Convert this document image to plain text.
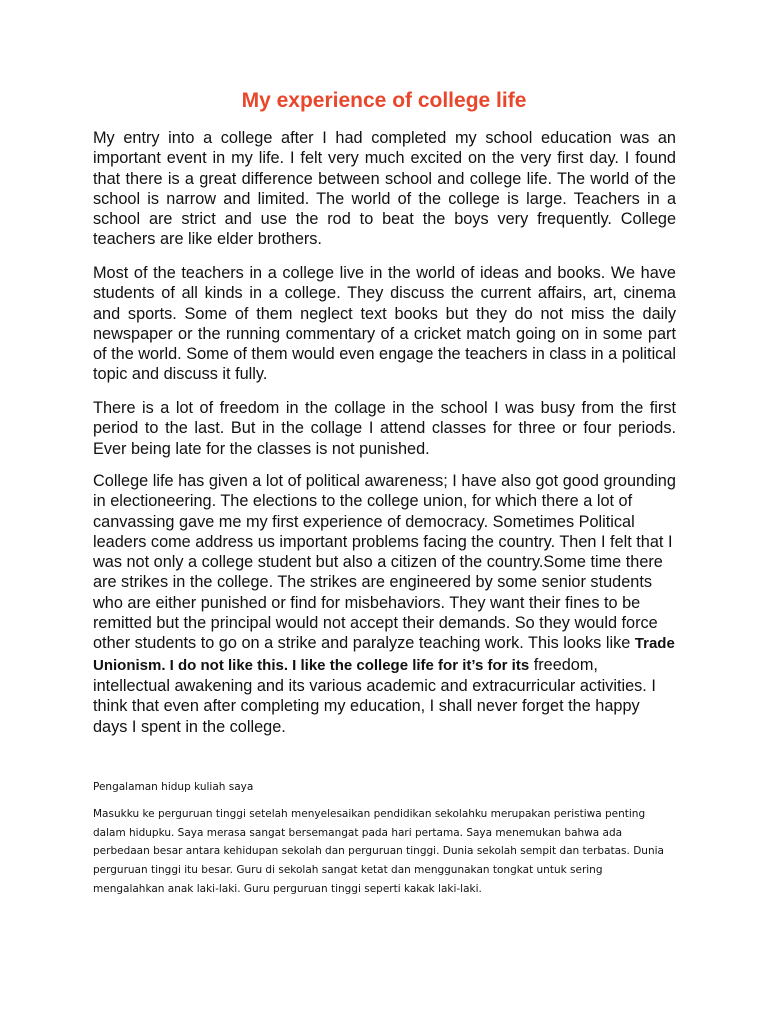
My experience of college life

My entry into a college after I had completed my school education was an important event in my life. I felt very much excited on the very first day. I found that there is a great difference between school and college life. The world of the school is narrow and limited. The world of the college is large. Teachers in a school are strict and use the rod to beat the boys very frequently. College teachers are like elder brothers.

Most of the teachers in a college live in the world of ideas and books. We have students of all kinds in a college. They discuss the current affairs, art, cinema and sports. Some of them neglect text books but they do not miss the daily newspaper or the running commentary of a cricket match going on in some part of the world. Some of them would even engage the teachers in class in a political topic and discuss it fully.

There is a lot of freedom in the collage in the school I was busy from the first period to the last. But in the collage I attend classes for three or four periods. Ever being late for the classes is not punished.

College life has given a lot of political awareness; I have also got good grounding in electioneering. The elections to the college union, for which there a lot of canvassing gave me my first experience of democracy. Sometimes Political leaders come address us important problems facing the country. Then I felt that I was not only a college student but also a citizen of the country.Some time there are strikes in the college. The strikes are engineered by some senior students who are either punished or find for misbehaviors. They want their fines to be remitted but the principal would not accept their demands. So they would force other students to go on a strike and paralyze teaching work. This looks like Trade Unionism. I do not like this. I like the college life for it’s for its freedom, intellectual awakening and its various academic and extracurricular activities. I think that even after completing my education, I shall never forget the happy days I spent in the college.

Pengalaman hidup kuliah saya

Masukku ke perguruan tinggi setelah menyelesaikan pendidikan sekolahku merupakan peristiwa penting dalam hidupku. Saya merasa sangat bersemangat pada hari pertama. Saya menemukan bahwa ada perbedaan besar antara kehidupan sekolah dan perguruan tinggi. Dunia sekolah sempit dan terbatas. Dunia perguruan tinggi itu besar. Guru di sekolah sangat ketat dan menggunakan tongkat untuk sering mengalahkan anak laki-laki. Guru perguruan tinggi seperti kakak laki-laki.
